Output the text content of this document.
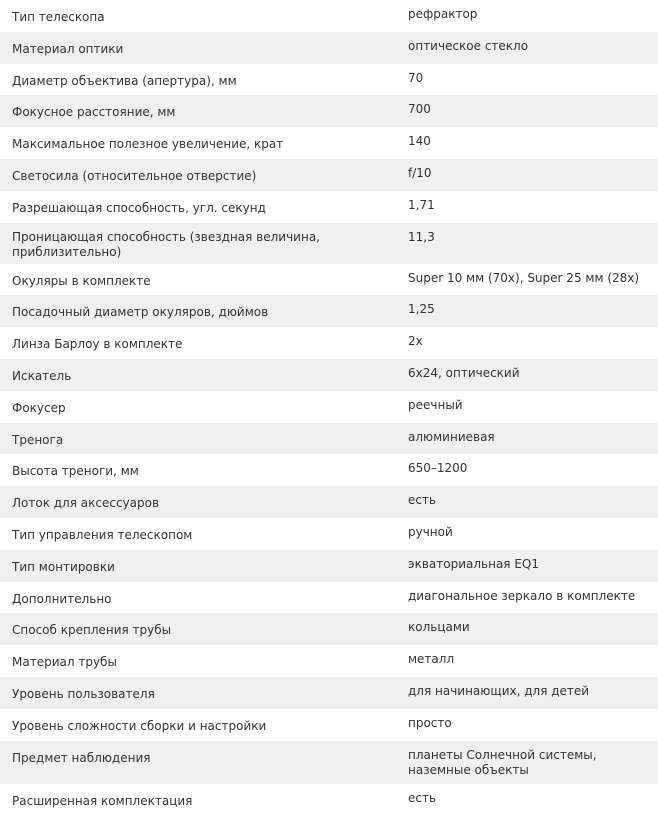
Тип телескопа	рефрактор
Материал оптики	оптическое стекло
Диаметр объектива (апертура), мм	70
Фокусное расстояние, мм	700
Максимальное полезное увеличение, крат	140
Светосила (относительное отверстие)	f/10
Разрешающая способность, угл. секунд	1,71
Проницающая способность (звездная величина, приблизительно)	11,3
Окуляры в комплекте	Super 10 мм (70x), Super 25 мм (28x)
Посадочный диаметр окуляров, дюймов	1,25
Линза Барлоу в комплекте	2x
Искатель	6x24, оптический
Фокусер	реечный
Тренога	алюминиевая
Высота треноги, мм	650–1200
Лоток для аксессуаров	есть
Тип управления телескопом	ручной
Тип монтировки	экваториальная EQ1
Дополнительно	диагональное зеркало в комплекте
Способ крепления трубы	кольцами
Материал трубы	металл
Уровень пользователя	для начинающих, для детей
Уровень сложности сборки и настройки	просто
Предмет наблюдения	планеты Солнечной системы, наземные объекты
Расширенная комплектация	есть
